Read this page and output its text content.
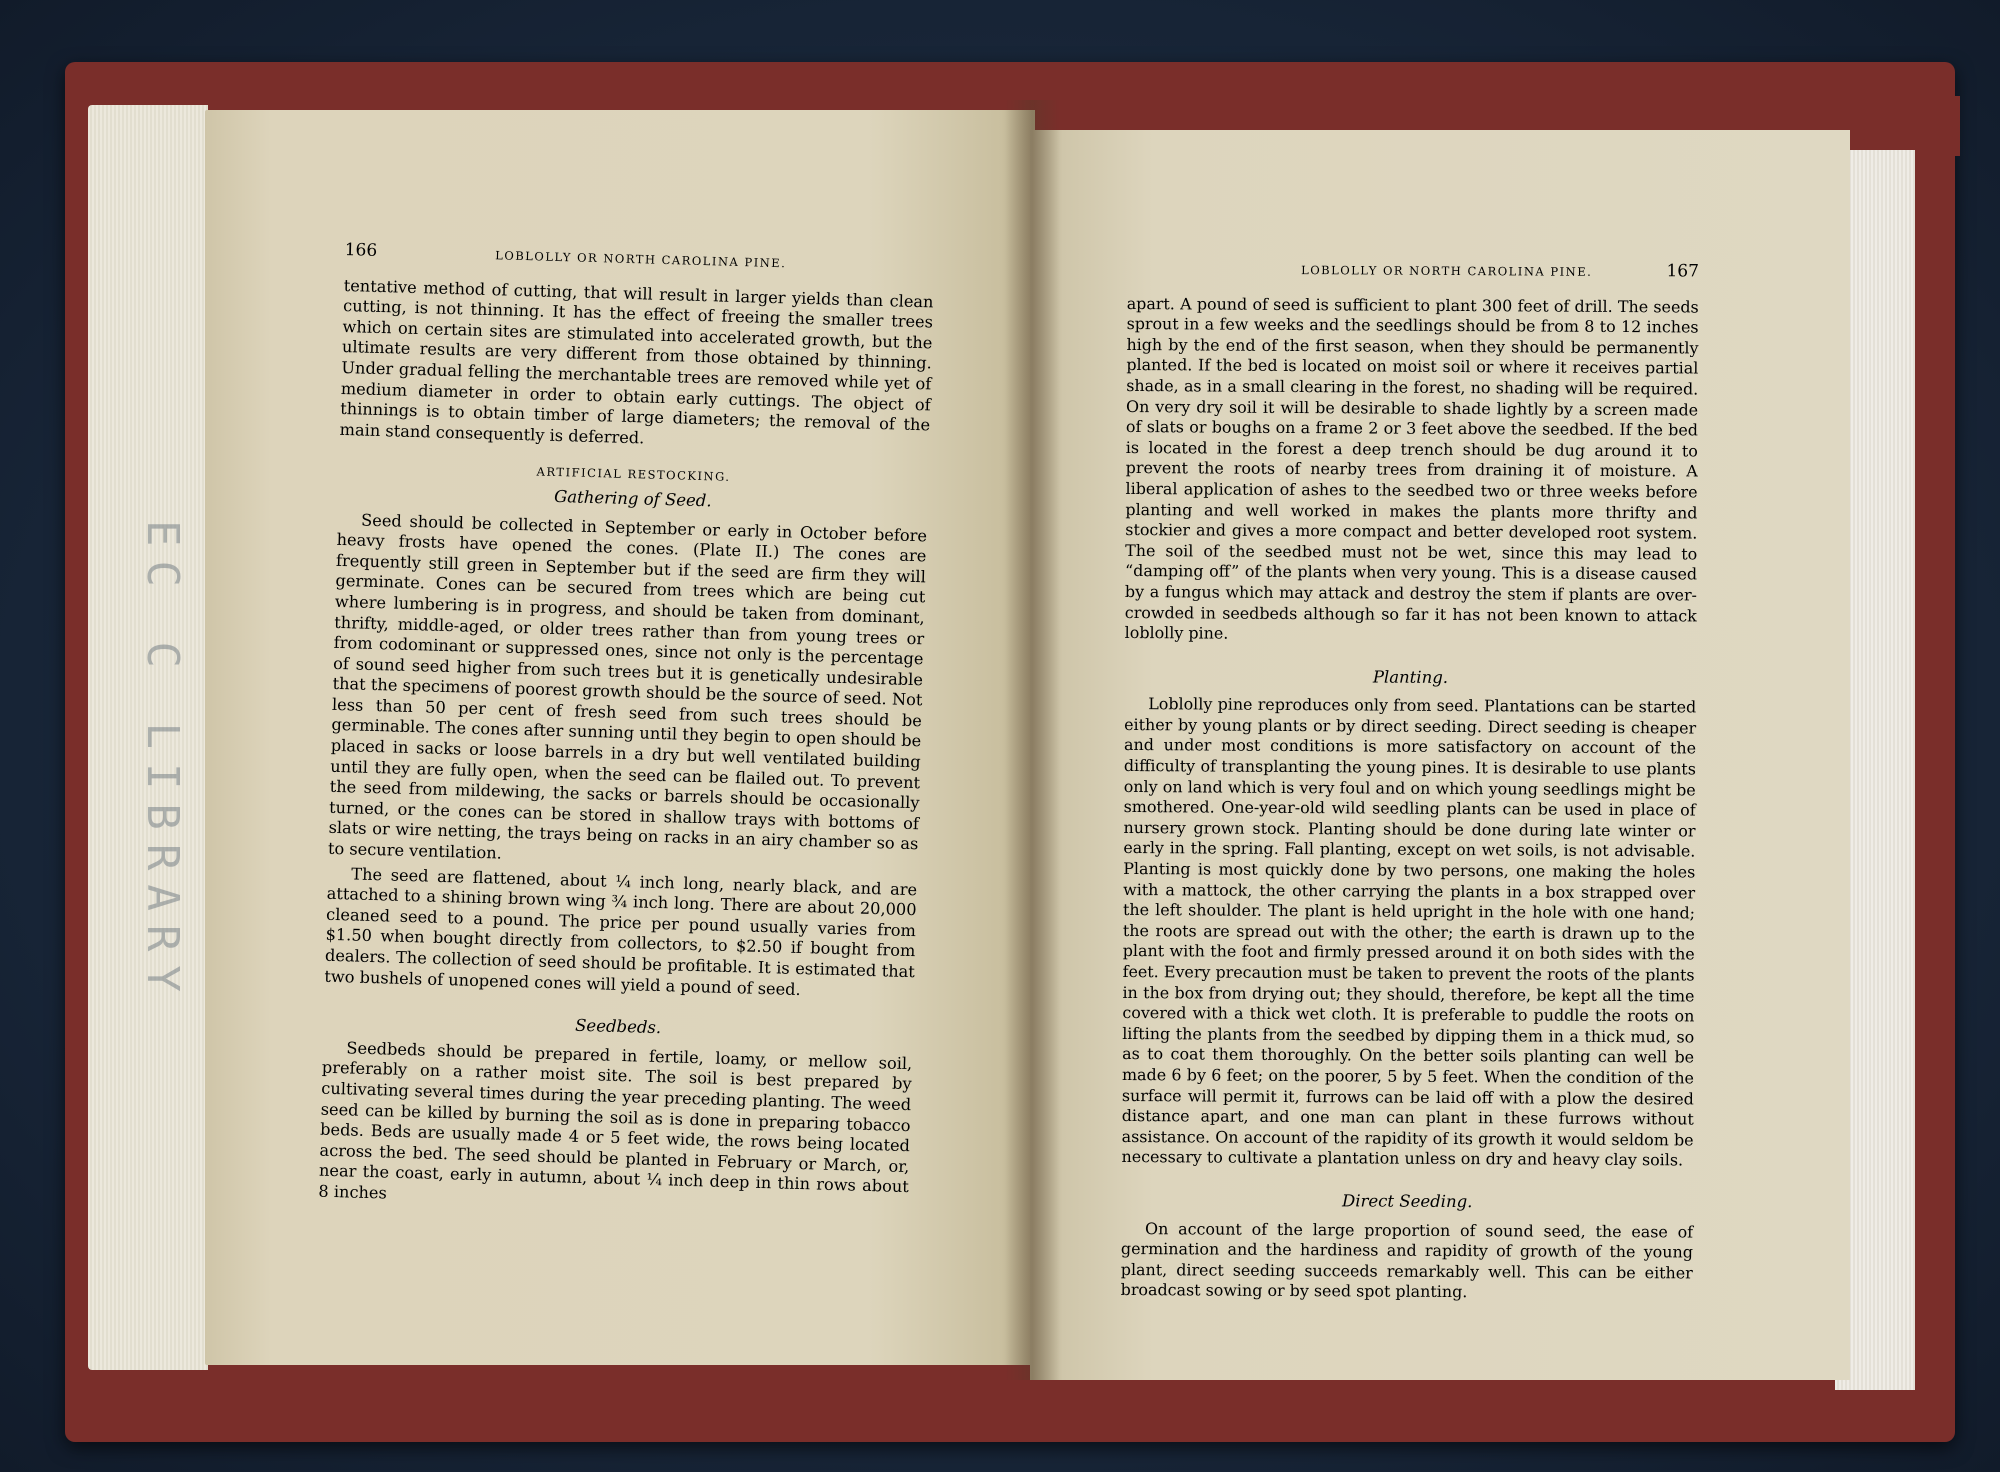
EC C LIBRARY
166	LOBLOLLY OR NORTH CAROLINA PINE.

tentative method of cutting, that will result in larger yields than clean cutting, is not thinning. It has the effect of freeing the smaller trees which on certain sites are stimulated into accelerated growth, but the ultimate results are very different from those obtained by thinning. Under gradual felling the merchantable trees are removed while yet of medium diameter in order to obtain early cuttings. The object of thinnings is to obtain timber of large diameters; the removal of the main stand consequently is deferred.

ARTIFICIAL RESTOCKING.
Gathering of Seed.

Seed should be collected in September or early in October before heavy frosts have opened the cones. (Plate II.) The cones are frequently still green in September but if the seed are firm they will germinate. Cones can be secured from trees which are being cut where lumbering is in progress, and should be taken from dominant, thrifty, middle-aged, or older trees rather than from young trees or from codominant or suppressed ones, since not only is the percentage of sound seed higher from such trees but it is genetically undesirable that the specimens of poorest growth should be the source of seed. Not less than 50 per cent of fresh seed from such trees should be germinable. The cones after sunning until they begin to open should be placed in sacks or loose barrels in a dry but well ventilated building until they are fully open, when the seed can be flailed out. To prevent the seed from mildewing, the sacks or barrels should be occasionally turned, or the cones can be stored in shallow trays with bottoms of slats or wire netting, the trays being on racks in an airy chamber so as to secure ventilation.

The seed are flattened, about ¼ inch long, nearly black, and are attached to a shining brown wing ¾ inch long. There are about 20,000 cleaned seed to a pound. The price per pound usually varies from $1.50 when bought directly from collectors, to $2.50 if bought from dealers. The collection of seed should be profitable. It is estimated that two bushels of unopened cones will yield a pound of seed.

Seedbeds.

Seedbeds should be prepared in fertile, loamy, or mellow soil, preferably on a rather moist site. The soil is best prepared by cultivating several times during the year preceding planting. The weed seed can be killed by burning the soil as is done in preparing tobacco beds. Beds are usually made 4 or 5 feet wide, the rows being located across the bed. The seed should be planted in February or March, or, near the coast, early in autumn, about ¼ inch deep in thin rows about 8 inches

LOBLOLLY OR NORTH CAROLINA PINE.	167

apart. A pound of seed is sufficient to plant 300 feet of drill. The seeds sprout in a few weeks and the seedlings should be from 8 to 12 inches high by the end of the first season, when they should be permanently planted. If the bed is located on moist soil or where it receives partial shade, as in a small clearing in the forest, no shading will be required. On very dry soil it will be desirable to shade lightly by a screen made of slats or boughs on a frame 2 or 3 feet above the seedbed. If the bed is located in the forest a deep trench should be dug around it to prevent the roots of nearby trees from draining it of moisture. A liberal application of ashes to the seedbed two or three weeks before planting and well worked in makes the plants more thrifty and stockier and gives a more compact and better developed root system. The soil of the seedbed must not be wet, since this may lead to “damping off” of the plants when very young. This is a disease caused by a fungus which may attack and destroy the stem if plants are over-crowded in seedbeds although so far it has not been known to attack loblolly pine.

Planting.

Loblolly pine reproduces only from seed. Plantations can be started either by young plants or by direct seeding. Direct seeding is cheaper and under most conditions is more satisfactory on account of the difficulty of transplanting the young pines. It is desirable to use plants only on land which is very foul and on which young seedlings might be smothered. One-year-old wild seedling plants can be used in place of nursery grown stock. Planting should be done during late winter or early in the spring. Fall planting, except on wet soils, is not advisable. Planting is most quickly done by two persons, one making the holes with a mattock, the other carrying the plants in a box strapped over the left shoulder. The plant is held upright in the hole with one hand; the roots are spread out with the other; the earth is drawn up to the plant with the foot and firmly pressed around it on both sides with the feet. Every precaution must be taken to prevent the roots of the plants in the box from drying out; they should, therefore, be kept all the time covered with a thick wet cloth. It is preferable to puddle the roots on lifting the plants from the seedbed by dipping them in a thick mud, so as to coat them thoroughly. On the better soils planting can well be made 6 by 6 feet; on the poorer, 5 by 5 feet. When the condition of the surface will permit it, furrows can be laid off with a plow the desired distance apart, and one man can plant in these furrows without assistance. On account of the rapidity of its growth it would seldom be necessary to cultivate a plantation unless on dry and heavy clay soils.

Direct Seeding.

On account of the large proportion of sound seed, the ease of germination and the hardiness and rapidity of growth of the young plant, direct seeding succeeds remarkably well. This can be either broadcast sowing or by seed spot planting.
